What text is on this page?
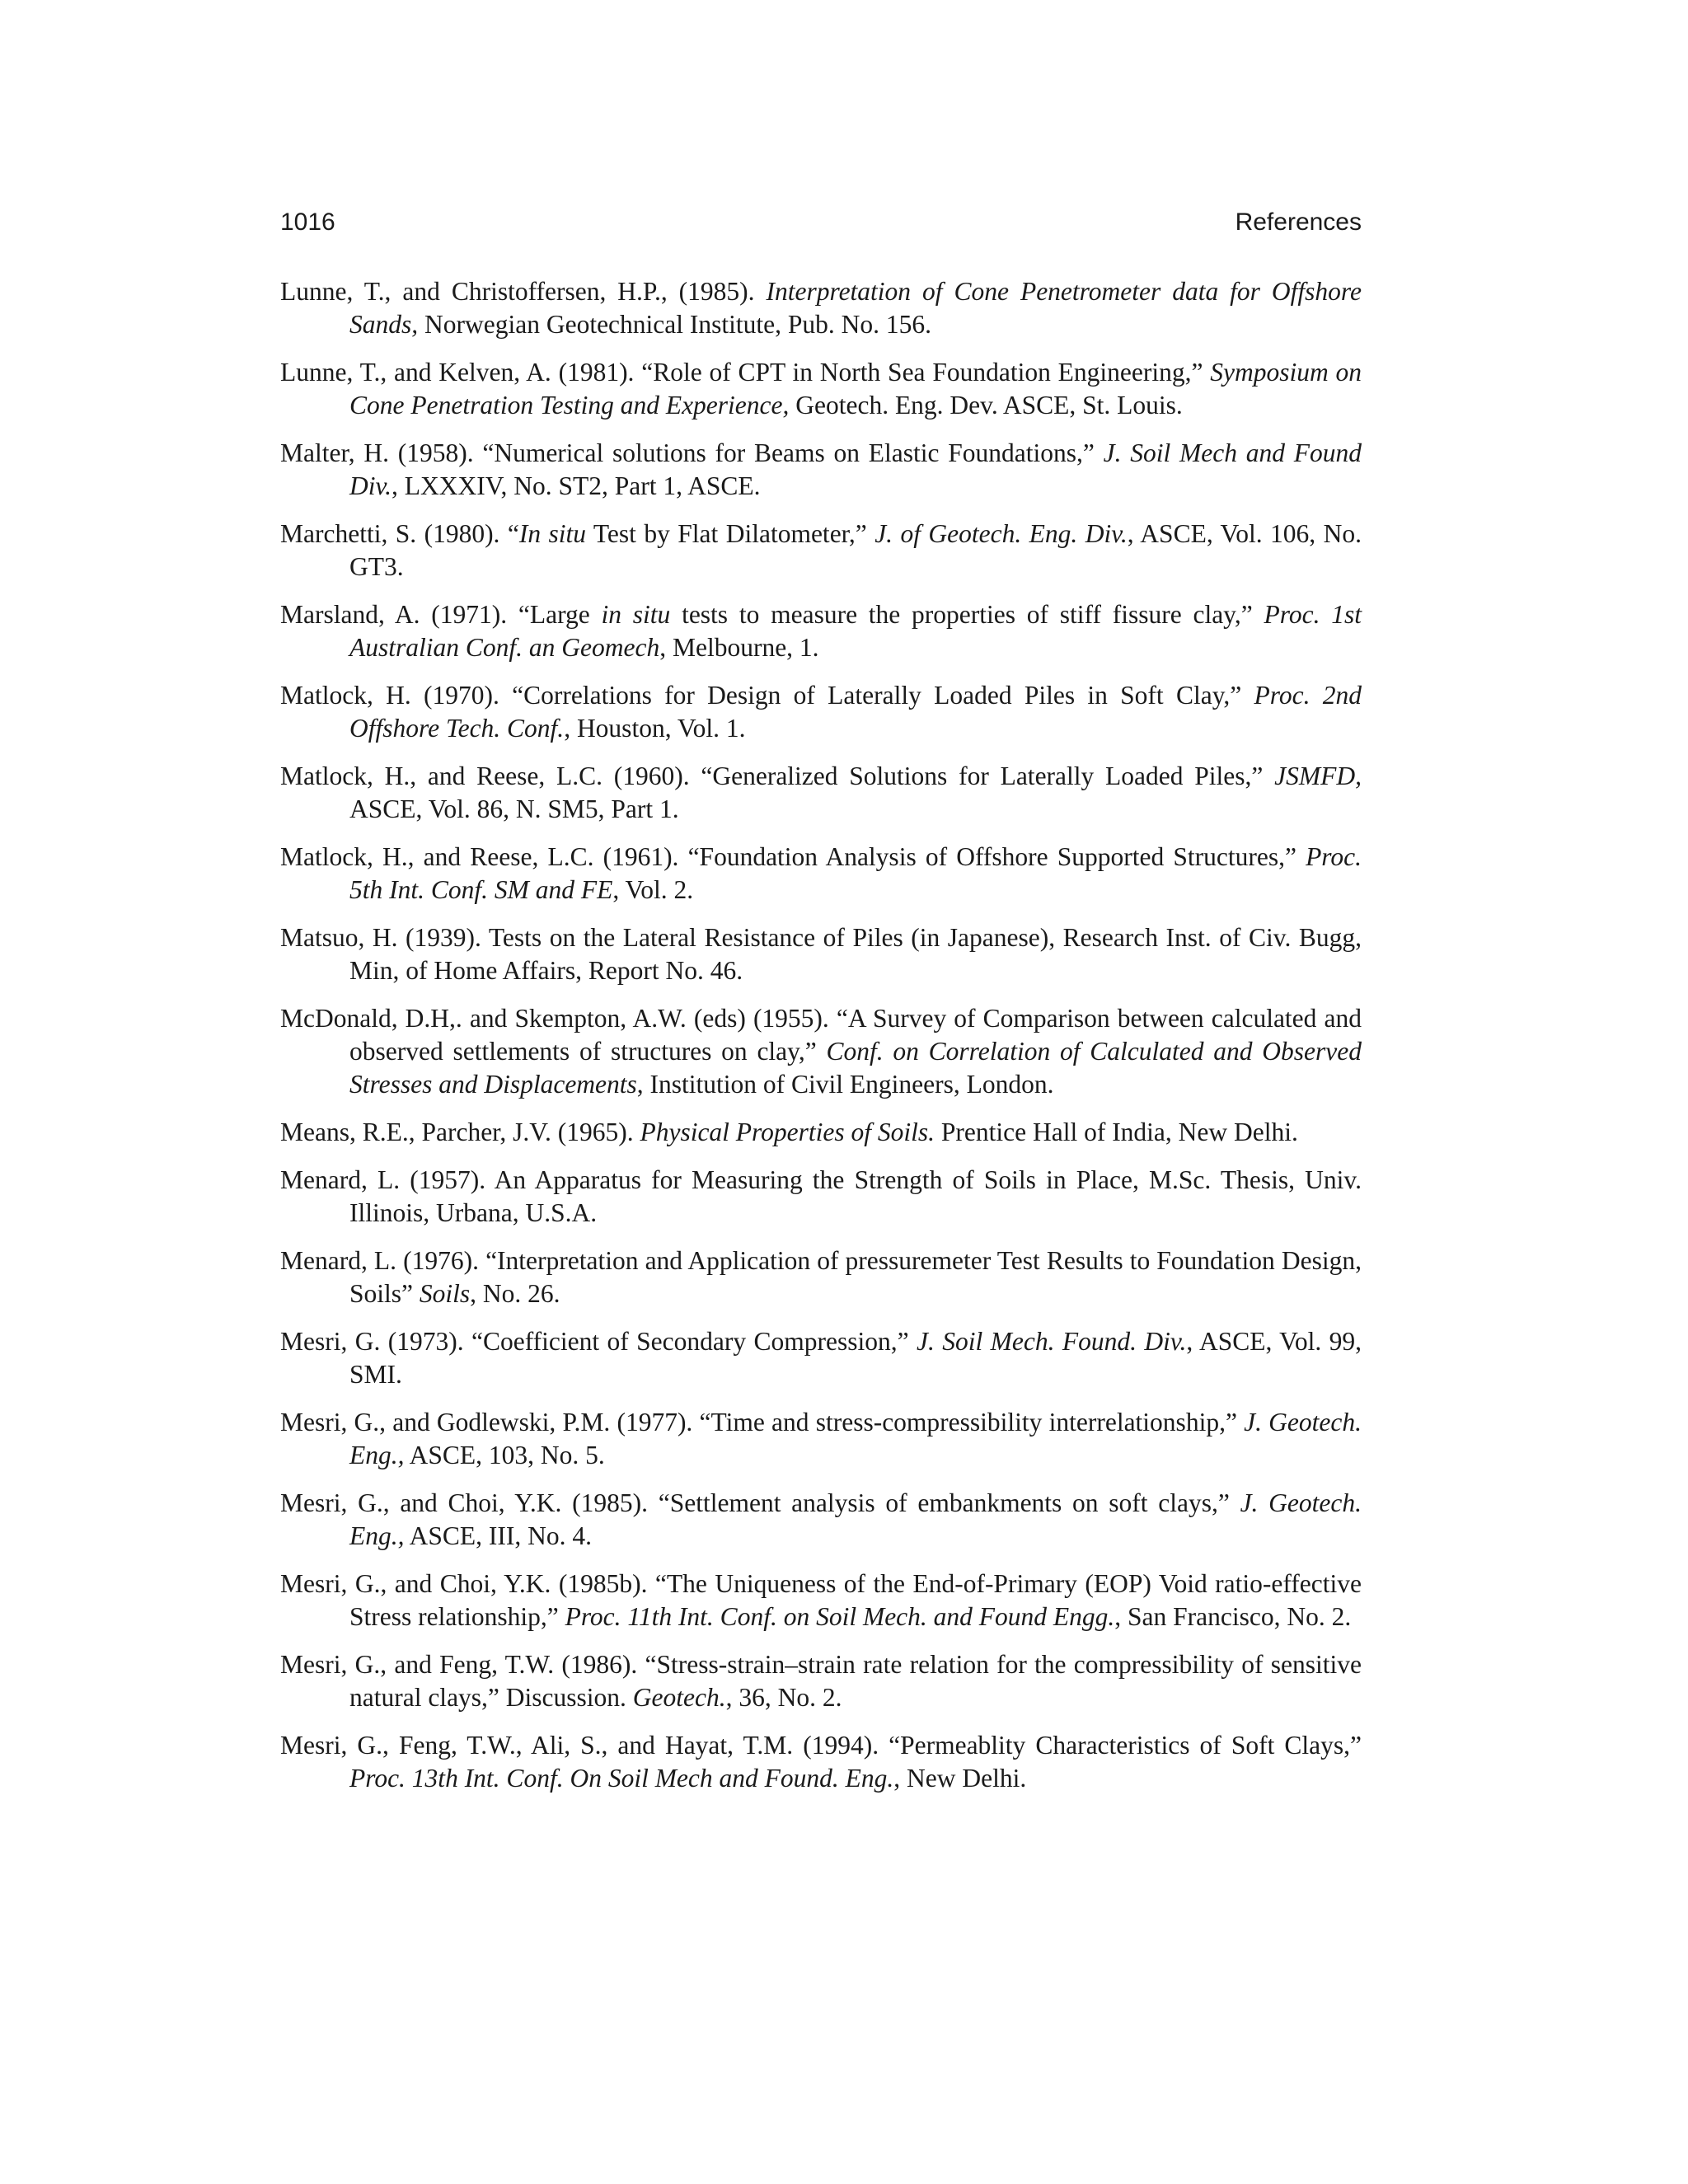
1016	References

Lunne, T., and Christoffersen, H.P., (1985). Interpretation of Cone Penetrometer data for Offshore Sands, Norwegian Geotechnical Institute, Pub. No. 156.

Lunne, T., and Kelven, A. (1981). “Role of CPT in North Sea Foundation Engineering,” Symposium on Cone Penetration Testing and Experience, Geotech. Eng. Dev. ASCE, St. Louis.

Malter, H. (1958). “Numerical solutions for Beams on Elastic Foundations,” J. Soil Mech and Found Div., LXXXIV, No. ST2, Part 1, ASCE.

Marchetti, S. (1980). “In situ Test by Flat Dilatometer,” J. of Geotech. Eng. Div., ASCE, Vol. 106, No. GT3.

Marsland, A. (1971). “Large in situ tests to measure the properties of stiff fissure clay,” Proc. 1st Australian Conf. an Geomech, Melbourne, 1.

Matlock, H. (1970). “Correlations for Design of Laterally Loaded Piles in Soft Clay,” Proc. 2nd Offshore Tech. Conf., Houston, Vol. 1.

Matlock, H., and Reese, L.C. (1960). “Generalized Solutions for Laterally Loaded Piles,” JSMFD, ASCE, Vol. 86, N. SM5, Part 1.

Matlock, H., and Reese, L.C. (1961). “Foundation Analysis of Offshore Supported Structures,” Proc. 5th Int. Conf. SM and FE, Vol. 2.

Matsuo, H. (1939). Tests on the Lateral Resistance of Piles (in Japanese), Research Inst. of Civ. Bugg, Min, of Home Affairs, Report No. 46.

McDonald, D.H,. and Skempton, A.W. (eds) (1955). “A Survey of Comparison between calculated and observed settlements of structures on clay,” Conf. on Correlation of Calculated and Observed Stresses and Displacements, Institution of Civil Engineers, London.

Means, R.E., Parcher, J.V. (1965). Physical Properties of Soils. Prentice Hall of India, New Delhi.

Menard, L. (1957). An Apparatus for Measuring the Strength of Soils in Place, M.Sc. Thesis, Univ. Illinois, Urbana, U.S.A.

Menard, L. (1976). “Interpretation and Application of pressuremeter Test Results to Foundation Design, Soils” Soils, No. 26.

Mesri, G. (1973). “Coefficient of Secondary Compression,” J. Soil Mech. Found. Div., ASCE, Vol. 99, SMI.

Mesri, G., and Godlewski, P.M. (1977). “Time and stress-compressibility interrelationship,” J. Geotech. Eng., ASCE, 103, No. 5.

Mesri, G., and Choi, Y.K. (1985). “Settlement analysis of embankments on soft clays,” J. Geotech. Eng., ASCE, III, No. 4.

Mesri, G., and Choi, Y.K. (1985b). “The Uniqueness of the End-of-Primary (EOP) Void ratio-effective Stress relationship,” Proc. 11th Int. Conf. on Soil Mech. and Found Engg., San Francisco, No. 2.

Mesri, G., and Feng, T.W. (1986). “Stress-strain–strain rate relation for the compressibility of sensitive natural clays,” Discussion. Geotech., 36, No. 2.

Mesri, G., Feng, T.W., Ali, S., and Hayat, T.M. (1994). “Permeablity Characteristics of Soft Clays,” Proc. 13th Int. Conf. On Soil Mech and Found. Eng., New Delhi.
